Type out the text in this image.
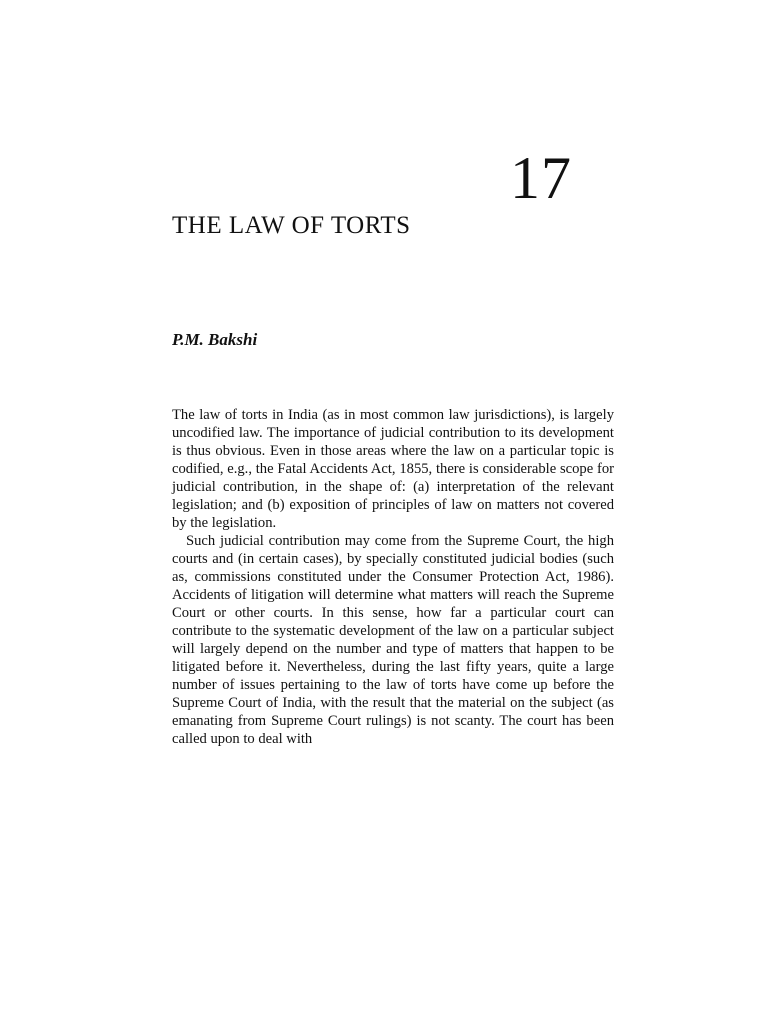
17
THE LAW OF TORTS

P.M. Bakshi

The law of torts in India (as in most common law jurisdictions), is largely uncodified law. The importance of judicial contribution to its development is thus obvious. Even in those areas where the law on a particular topic is codified, e.g., the Fatal Accidents Act, 1855, there is considerable scope for judicial contribution, in the shape of: (a) interpretation of the relevant legislation; and (b) exposition of principles of law on matters not covered by the legislation.

Such judicial contribution may come from the Supreme Court, the high courts and (in certain cases), by specially constituted judicial bodies (such as, commissions constituted under the Consumer Protection Act, 1986). Accidents of litigation will determine what matters will reach the Supreme Court or other courts. In this sense, how far a particular court can contribute to the systematic development of the law on a particular subject will largely depend on the number and type of matters that happen to be litigated before it. Nevertheless, during the last fifty years, quite a large number of issues pertaining to the law of torts have come up before the Supreme Court of India, with the result that the material on the subject (as emanating from Supreme Court rulings) is not scanty. The court has been called upon to deal with
